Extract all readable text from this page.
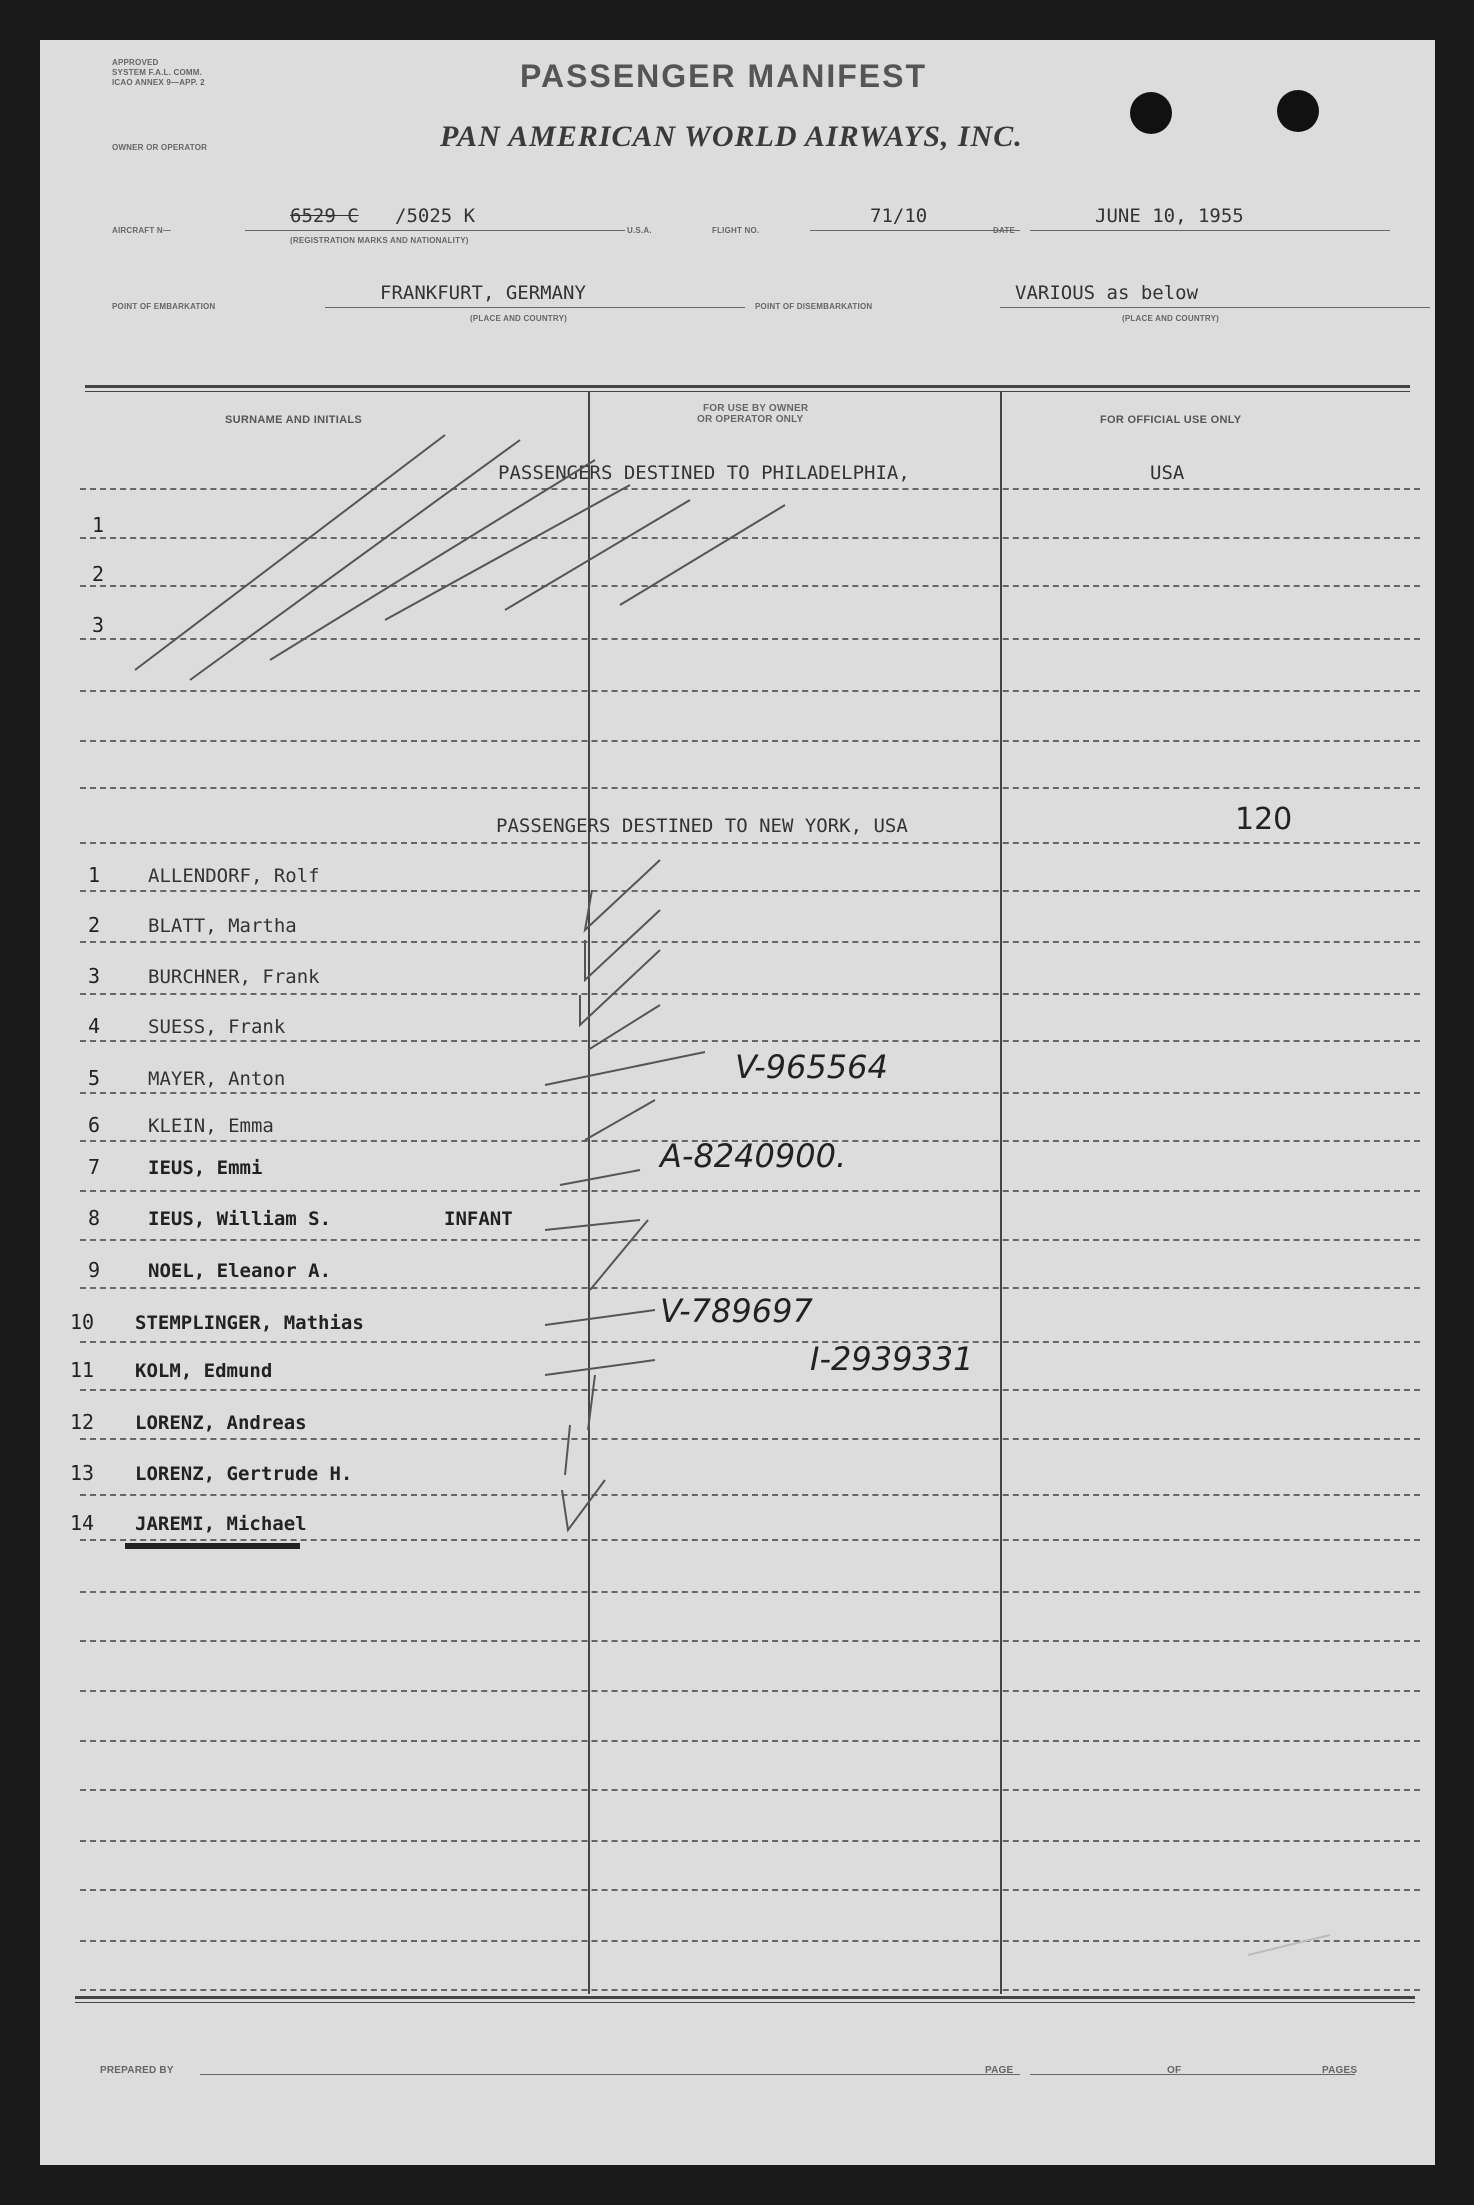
APPROVED
SYSTEM F.A.L. COMM.
ICAO ANNEX 9—APP. 2	PASSENGER MANIFEST
OWNER OR OPERATOR	PAN AMERICAN WORLD AIRWAYS, INC.
AIRCRAFT N—
6529 C /5025 K
(REGISTRATION MARKS AND NATIONALITY)
U.S.A.	FLIGHT NO.
71/10
DATE
JUNE 10, 1955
POINT OF EMBARKATION
FRANKFURT, GERMANY
(PLACE AND COUNTRY)
POINT OF DISEMBARKATION
VARIOUS as below
(PLACE AND COUNTRY)
SURNAME AND INITIALS
FOR USE BY OWNER
OR OPERATOR ONLY	FOR OFFICIAL USE ONLY
PASSENGERS DESTINED TO PHILADELPHIA,	USA
1
2
3
PASSENGERS DESTINED TO NEW YORK, USA	120
1	ALLENDORF, Rolf
2	BLATT, Martha
3	BURCHNER, Frank
4	SUESS, Frank
5	MAYER, Anton	V-965564
6	KLEIN, Emma
7	IEUS, Emmi	A-8240900.
8	IEUS, William S.	INFANT
9	NOEL, Eleanor A.
10 STEMPLINGER, Mathias	V-789697
11 KOLM, Edmund	I-2939331
12 LORENZ, Andreas
13 LORENZ, Gertrude H.
14 JAREMI, Michael
PREPARED BY	PAGE	OF	PAGES
